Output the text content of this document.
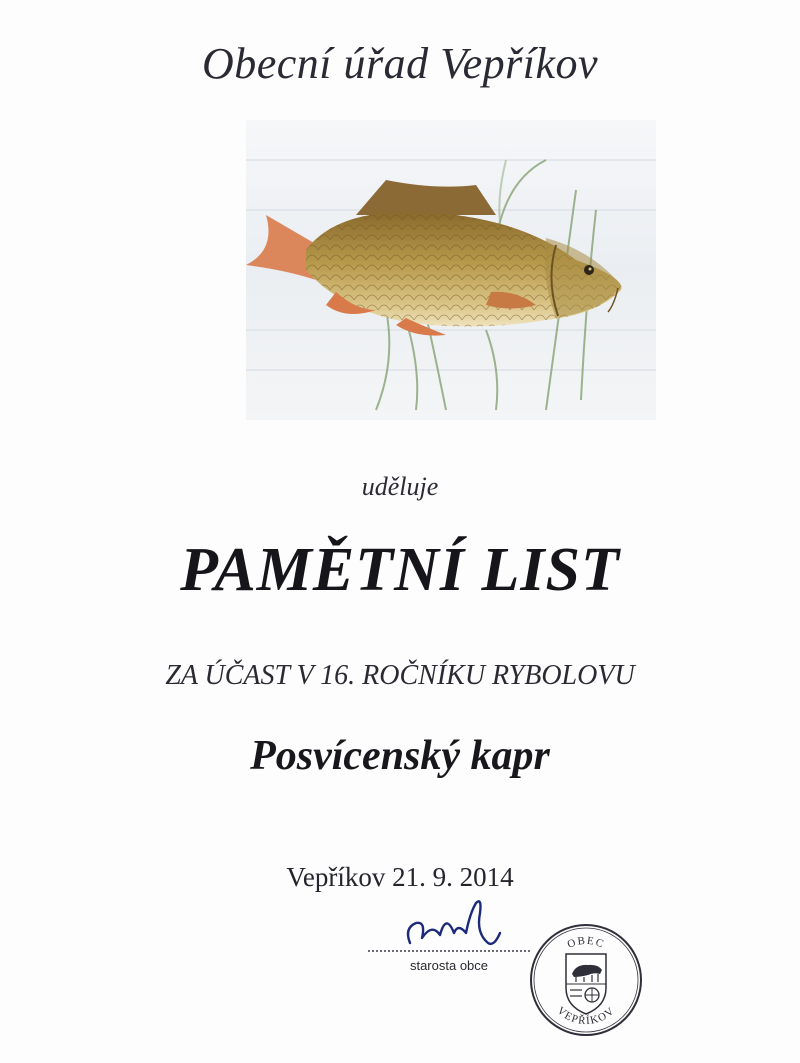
Obecní úřad Vepříkov
uděluje
PAMĚTNÍ LIST
ZA ÚČAST V 16. ROČNÍKU RYBOLOVU
Posvícenský kapr
Vepříkov 21. 9. 2014
starosta obce
OBEC
VEPŘÍKOV
